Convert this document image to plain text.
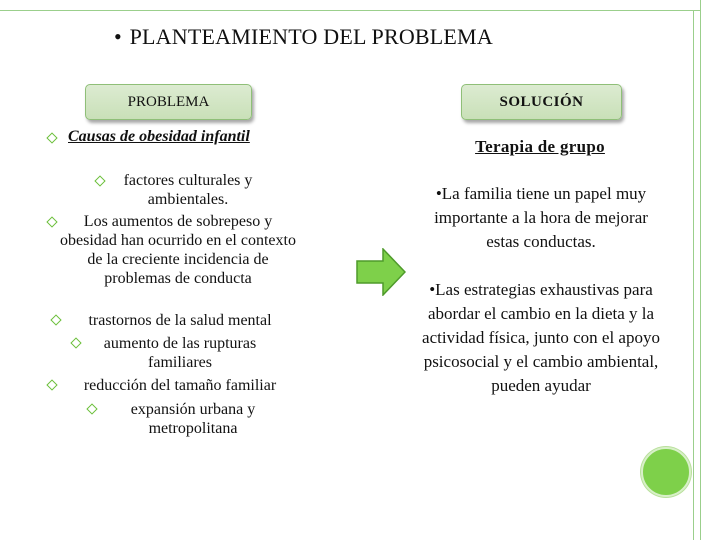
• PLANTEAMIENTO DEL PROBLEMA
PROBLEMA	SOLUCIÓN
Causas de obesidad infantil
factores culturales y ambientales.
Los aumentos de sobrepeso y obesidad han ocurrido en el contexto de la creciente incidencia de problemas de conducta
trastornos de la salud mental
aumento de las rupturas familiares
reducción del tamaño familiar
expansión urbana y metropolitana
Terapia de grupo
•La familia tiene un papel muy importante a la hora de mejorar estas conductas.
•Las estrategias exhaustivas para abordar el cambio en la dieta y la actividad física, junto con el apoyo psicosocial y el cambio ambiental, pueden ayudar
